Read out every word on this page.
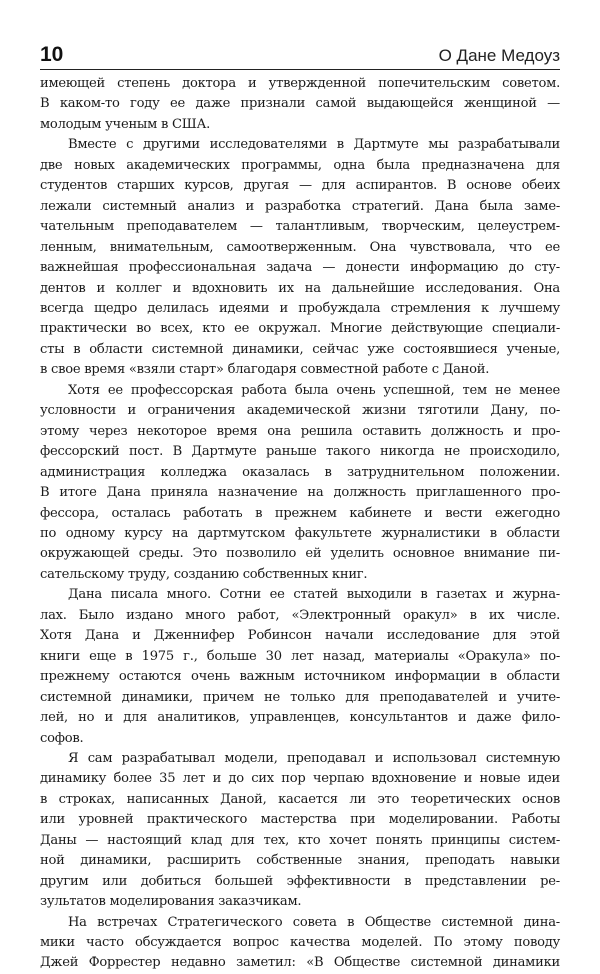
10	О Дане Медоуз
имеющей степень доктора и утвержденной попечительским советом.
В каком-то году ее даже признали самой выдающейся женщиной —
молодым ученым в США.
Вместе с другими исследователями в Дартмуте мы разрабатывали
две новых академических программы, одна была предназначена для
студентов старших курсов, другая — для аспирантов. В основе обеих
лежали системный анализ и разработка стратегий. Дана была заме-
чательным преподавателем — талантливым, творческим, целеустрем-
ленным, внимательным, самоотверженным. Она чувствовала, что ее
важнейшая профессиональная задача — донести информацию до сту-
дентов и коллег и вдохновить их на дальнейшие исследования. Она
всегда щедро делилась идеями и пробуждала стремления к лучшему
практически во всех, кто ее окружал. Многие действующие специали-
сты в области системной динамики, сейчас уже состоявшиеся ученые,
в свое время «взяли старт» благодаря совместной работе с Даной.
Хотя ее профессорская работа была очень успешной, тем не менее
условности и ограничения академической жизни тяготили Дану, по-
этому через некоторое время она решила оставить должность и про-
фессорский пост. В Дартмуте раньше такого никогда не происходило,
администрация колледжа оказалась в затруднительном положении.
В итоге Дана приняла назначение на должность приглашенного про-
фессора, осталась работать в прежнем кабинете и вести ежегодно
по одному курсу на дартмутском факультете журналистики в области
окружающей среды. Это позволило ей уделить основное внимание пи-
сательскому труду, созданию собственных книг.
Дана писала много. Сотни ее статей выходили в газетах и журна-
лах. Было издано много работ, «Электронный оракул» в их числе.
Хотя Дана и Дженнифер Робинсон начали исследование для этой
книги еще в 1975 г., больше 30 лет назад, материалы «Оракула» по-
прежнему остаются очень важным источником информации в области
системной динамики, причем не только для преподавателей и учите-
лей, но и для аналитиков, управленцев, консультантов и даже фило-
софов.
Я сам разрабатывал модели, преподавал и использовал системную
динамику более 35 лет и до сих пор черпаю вдохновение и новые идеи
в строках, написанных Даной, касается ли это теоретических основ
или уровней практического мастерства при моделировании. Работы
Даны — настоящий клад для тех, кто хочет понять принципы систем-
ной динамики, расширить собственные знания, преподать навыки
другим или добиться большей эффективности в представлении ре-
зультатов моделирования заказчикам.
На встречах Стратегического совета в Обществе системной дина-
мики часто обсуждается вопрос качества моделей. По этому поводу
Джей Форрестер недавно заметил: «В Обществе системной динамики
